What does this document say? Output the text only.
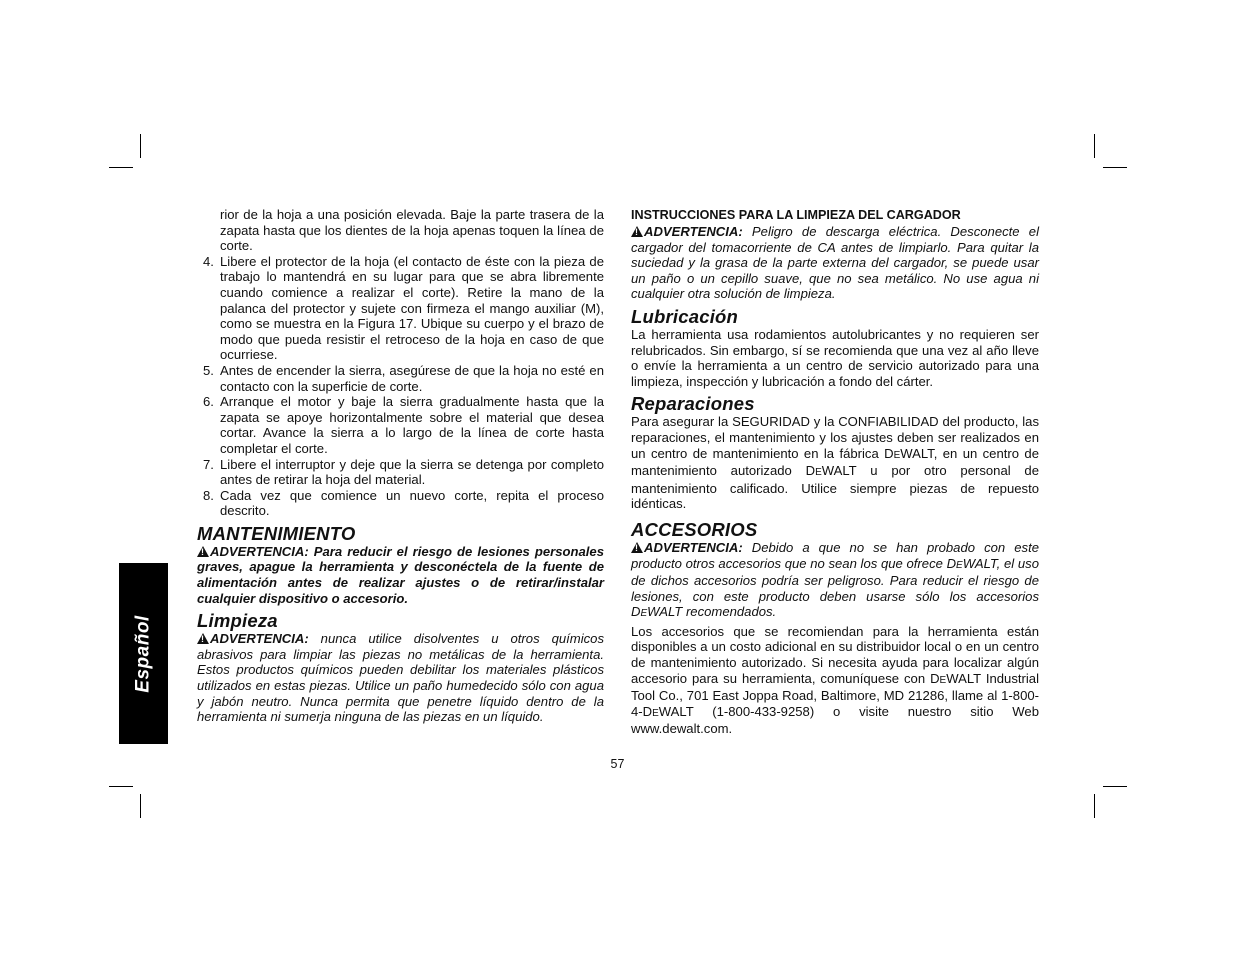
rior de la hoja a una posición elevada. Baje la parte trasera de la zapata hasta que los dientes de la hoja apenas toquen la línea de corte.

4. Libere el protector de la hoja (el contacto de éste con la pieza de trabajo lo mantendrá en su lugar para que se abra libremente cuando comience a realizar el corte). Retire la mano de la palanca del protector y sujete con firmeza el mango auxiliar (M), como se muestra en la Figura 17. Ubique su cuerpo y el brazo de modo que pueda resistir el retroceso de la hoja en caso de que ocurriese.
5. Antes de encender la sierra, asegúrese de que la hoja no esté en contacto con la superficie de corte.
6. Arranque el motor y baje la sierra gradualmente hasta que la zapata se apoye horizontalmente sobre el material que desea cortar. Avance la sierra a lo largo de la línea de corte hasta completar el corte.
7. Libere el interruptor y deje que la sierra se detenga por completo antes de retirar la hoja del material.
8. Cada vez que comience un nuevo corte, repita el proceso descrito.
MANTENIMIENTO

!ADVERTENCIA: Para reducir el riesgo de lesiones personales graves, apague la herramienta y desconéctela de la fuente de alimentación antes de realizar ajustes o de retirar/instalar cualquier dispositivo o accesorio.

Limpieza

!ADVERTENCIA: nunca utilice disolventes u otros químicos abrasivos para limpiar las piezas no metálicas de la herramienta. Estos productos químicos pueden debilitar los materiales plásticos utilizados en estas piezas. Utilice un paño humedecido sólo con agua y jabón neutro. Nunca permita que penetre líquido dentro de la herramienta ni sumerja ninguna de las piezas en un líquido.

INSTRUCCIONES PARA LA LIMPIEZA DEL CARGADOR

!ADVERTENCIA: Peligro de descarga eléctrica. Desconecte el cargador del tomacorriente de CA antes de limpiarlo. Para quitar la suciedad y la grasa de la parte externa del cargador, se puede usar un paño o un cepillo suave, que no sea metálico. No use agua ni cualquier otra solución de limpieza.

Lubricación

La herramienta usa rodamientos autolubricantes y no requieren ser relubricados. Sin embargo, sí se recomienda que una vez al año lleve o envíe la herramienta a un centro de servicio autorizado para una limpieza, inspección y lubricación a fondo del cárter.

Reparaciones

Para asegurar la SEGURIDAD y la CONFIABILIDAD del producto, las reparaciones, el mantenimiento y los ajustes deben ser realizados en un centro de mantenimiento en la fábrica DEWALT, en un centro de mantenimiento autorizado DEWALT u por otro personal de mantenimiento calificado. Utilice siempre piezas de repuesto idénticas.

ACCESORIOS

!ADVERTENCIA: Debido a que no se han probado con este producto otros accesorios que no sean los que ofrece DEWALT, el uso de dichos accesorios podría ser peligroso. Para reducir el riesgo de lesiones, con este producto deben usarse sólo los accesorios DEWALT recomendados.

Los accesorios que se recomiendan para la herramienta están disponibles a un costo adicional en su distribuidor local o en un centro de mantenimiento autorizado. Si necesita ayuda para localizar algún accesorio para su herramienta, comuníquese con DEWALT Industrial Tool Co., 701 East Joppa Road, Baltimore, MD 21286, llame al 1-800-4-DEWALT (1-800-433-9258) o visite nuestro sitio Web www.dewalt.com.

Español
57
